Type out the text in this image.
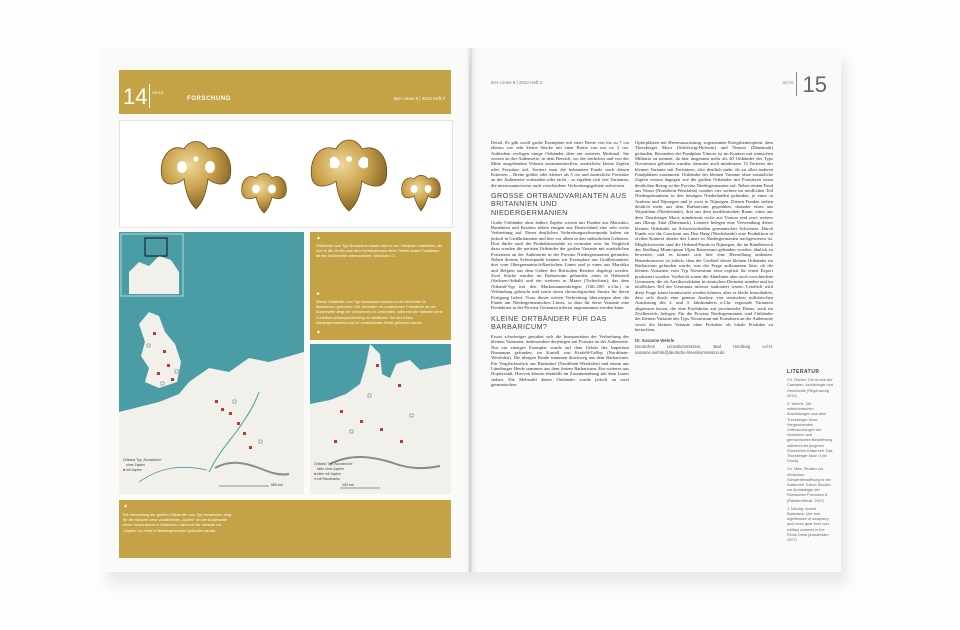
14 SEITE
FORSCHUNG	Der Limes 8 | 2014 Heft 2
Ortband Typ „Novaesium“
■ ohne Zapfen
■ mit Zapfen
500 km
▲

Ortbänder vom Typ Novaesium lassen sich in vier Varianten unterteilen, die sich in der Größe und dem Vorhandensein einer Treiber sowie Fortsätzen an der Außenseite unterscheiden. Maßstab 1:1.

►

Kleine Ortbänder vom Typ Novaesium wurden in der Mehrzahl im Barbaricum gefunden. Die Varianten mit zusätzlichen Fortsätzen an der Außenseite zeigt ein Vorkommen in Limesnähe, während die Variante ohne Fortsätze schwerpunktmäßig im nördlichen Teil des freien Niedergermaniens und im nordöstlichen Belikt gefunden wurde.

▼
Ortband Typ „Novaesium“
■ klein ohne Zapfen
■ klein mit Zapfen
■ mit Randmarke
100 km
▲

Die Verbreitung der großen Ortbänder vom Typ Novaesium zeigt für die Variante ohne zusätzlichen „Zapfen“ an der Außenseite einen Schwerpunkt in Britannien, während die Variante mit „Zapfen“ zu meist in Niedergermanien gefunden wurde.

Der Limes 8 | 2014 Heft 2	SEITE 15

Detail. Es gibt zwölf große Exemplare mit einer Breite von bis zu 7 cm ebenso wie sehr kleine Stücke mit einer Breite von nur ca. 2 cm. Außerdem verfügen einige Ortbänder über ein weiteres Merkmal: Sie weisen an der Außenseite, in dem Bereich, wo die seitlichen und von der Mitte ausgehenden Voluten zusammentreffen, zusätzliche kleine Zapfen oder Fortsätze auf. Sortiert man die bekannten Funde nach diesen Kriterien – Breite größer oder kleiner als 5 cm und zusätzliche Fortsätze an der Außenseite vorhanden oder nicht – so ergeben sich vier Varianten, die interessanterweise auch verschiedene Verbreitungsgebiete aufweisen.

GROSSE ORTBANDVARIANTEN AUS BRITANNIEN UND NIEDERGERMANIEN

Große Ortbänder ohne äußere Zapfen wissen mit Funden aus Maroskio, Rumänien und Knotten neben einigen aus Deutschland eine sehr weite Verbreitung auf. Einen deutlichen Verbreitungsschwerpunkt haben sie jedoch in Großbritannien und hier vor allem in den südöstlichen Gebieten. Dort dürfte auch die Produktionsstätte zu vermuten sein. Im Vergleich dazu wurden die meisten Ortbänder der großen Variante mit zusätzlichen Fortsätzen an der Außenseite in der Provinz Niedergermanien gefunden. Neben diesem Schwerpunkt kennen wir Exemplare aus Großbritannien, drei vom Obergermanisch-Raetischen Limes und je eines aus Marokko und Belgien aus dem Gebiet des Britischen Reiches abgelegt werden. Zwei Stücke wurden im Barbaricum gefunden, eines in Nahrstedt (Sachsen-Anhalt) und ein weiteres in Mazer (Tschechien); das dem Ortband-Typ mit den Markomannenkriegen (166–180 n.Chr.) in Verbindung gebracht und somit einen chronologischen Ansatz für deren Fertigung liefert. Trotz dieser weiten Verbreitung überwiegen aber die Funde am Niedergermanischen Limes, so dass für diese Variante eine Produktion in der Provinz Germania inferior angenommen werden kann.

KLEINE ORTBÄNDER FÜR DAS BARBARICUM?

Etwas schwieriger gestaltet sich die Interpretation der Verbreitung der kleinen Varianten, insbesondere derjenigen mit Fortsatz an der Außenseite. Nur ein einziges Exemplar wurde auf dem Gebiet des Imperium Romanum gefunden, im Kastell von Krefeld-Gellep (Nordrhein-Westfalen). Die übrigen Funde stammen durchweg aus dem Barbaricum. Ein Vergleichsstück aus Rheindorf (Nordrhein-Westfalen) und einem aus Lüneburger Heide stammen aus dem freiem Barbaricum. Ein weiteres aus Hoplerstadt. Hiervon könnte ebenfalls im Zusammenhang mit dem Limes stehen. Die Mehrzahl dieser Ortbänder wurde jedoch an zwei germanischen

Opferplätzen mit Heeresausrüstung, sogenannten Kriegsbeuteopfern, dem Thorsberger Moor (Schleswig-Holstein) und Vimose (Dänemark) gefunden. Besonders der Fundplatz Vimose ist im Kontext mit römischen Militaria zu nennen, da hier insgesamt mehr als 40 Ortbänder des Typs Novaesium gefunden wurden, darunter auch mindestens 13 Vertreter der kleinen Variante mit Fortsätzen, also deutlich mehr als an allen anderen Fundplätzen zusammen. Ortbänder der kleinen Variante ohne zusätzliche Zapfen weisen dagegen wie die großen Ortbänder mit Fortsätzen einen deutlichen Bezug zu der Provinz Niedergermanien auf. Neben einem Fund aus Neuss (Nordrhein-Westfalen) wurden vier weitere im nördlichen Teil Niedergermaniens in den heutigen Niederlanden gefunden, je eines in Arnhem und Nijmegen und je zwei in Nijmegen. Diesen Funden stehen deutlich mehr aus dem Barbaricum gegenüber, darunter eines aus Wijnaldum (Niederlande), drei aus dem norddeutschen Raum, eines aus dem Thorsberger Moor, mindestens sechs aus Vimose und zwei weitere aus Illerup Ådal (Dänemark). Letztere belegen eine Verwendung dieser kleinen Ortbänder an Schwertscheiden germanischer Schwerter. Durch Funde wie die Gussform aus Den Haag (Niederlande) eine Produktion in zivilen Kontext abseits des Limes in Niedergermanien nachgewiesen ist. Möglicherweise sind die Ortband-Funde in Nijmegen, die im Randbereich der Siedlung Municipium Ulpia Batavorum gefunden worden, ähnlich zu bewerten, und es könnte sich hier eine Herstellung andeuten. Bemerkenswert ist jedoch, dass der Großteil dieser kleinen Ortbänder im Barbaricum gefunden wurde, was die Frage aufkommen lässt, ob die kleinen Varianten vom Typ Novaesium etwa explizit für einen Export produziert wurden. Vielleicht waren die Abnehmer aber auch verschiedene Germanen, die als Auxiliarsoldaten in römischen Diensten standen und im nördlichen Teil der Germania inferior stationiert waren. Letztlich wird diese Frage kaum beantwortet werden können, aber es bleibt festzuhalten, dass sich durch eine genaue Analyse von römischen militärischen Ausrüstung des 2. und 3. Jahrhunderts n.Chr. regionale Varianten abgrenzen lassen, die eine Produktion auf provinzialer Ebene, auch im Zivilbereich, belegen. Für die Provinz Niedergermanien sind Ortbänder der kleinen Variante des Typs Novaesium mit Fortsätzen an der Außenseite sowie die kleinen Variante ohne Fortsätze als lokale Produkte zu betrachten.

Dr. Susanne Wehrle
Deutsches Limeskommission, Bad Homburg v.d.H. susanne.wehrle@deutsche-limeskommission.de
LITERATUR

Ch. Fischer, Die Armee der Caesaren. Archäologie und Geschichte (Regensburg 2012).

S. Wehrle, Die mittelrömischen Ausrüstungen aus dem Thorsberger Moor. Vergleichendes Untersuchungen der römischen und germanischen Bewaffnung während der jüngeren Römischen Kaiserzeit. Das Thorsberger Moor 3 (im Druck).

Ch. Miks, Studien zur römischen Schwertbewaffnung in der Kaiserzeit. Kölner Studien zur Archäologie der Römischen Provinzen 8 (Rahden/Westf. 2007).

J. Nicolay, Armed Batavians: Use and significance of weaponry and horse gear from non-military contexts in the Rhine Delta (Amsterdam 2007).
